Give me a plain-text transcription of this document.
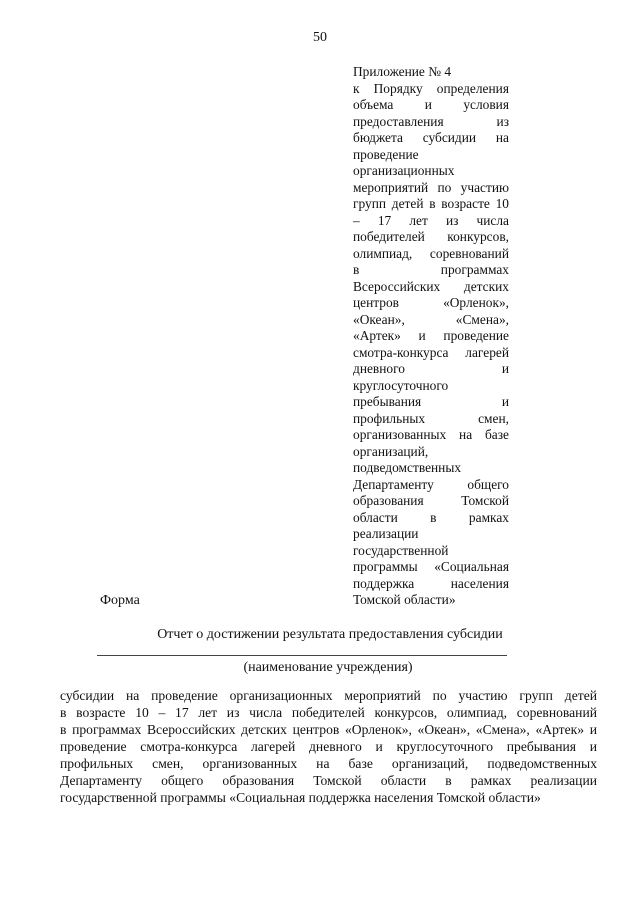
50
Приложение № 4
к Порядку определения
объема и условия
предоставления из
бюджета субсидии на
проведение
организационных
мероприятий по участию
групп детей в возрасте 10
– 17 лет из числа
победителей конкурсов,
олимпиад, соревнований
в программах
Всероссийских детских
центров «Орленок»,
«Океан», «Смена»,
«Артек» и проведение
смотра-конкурса лагерей
дневного и
круглосуточного
пребывания и
профильных смен,
организованных на базе
организаций,
подведомственных
Департаменту общего
образования Томской
области в рамках
реализации
государственной
программы «Социальная
поддержка населения
Томской области»
Форма
Отчет о достижении результата предоставления субсидии
(наименование учреждения)
субсидии на проведение организационных мероприятий по участию групп детей
в возрасте 10 – 17 лет из числа победителей конкурсов, олимпиад, соревнований
в программах Всероссийских детских центров «Орленок», «Океан», «Смена», «Артек» и
проведение смотра-конкурса лагерей дневного и круглосуточного пребывания и
профильных смен, организованных на базе организаций, подведомственных
Департаменту общего образования Томской области в рамках реализации
государственной программы «Социальная поддержка населения Томской области»
